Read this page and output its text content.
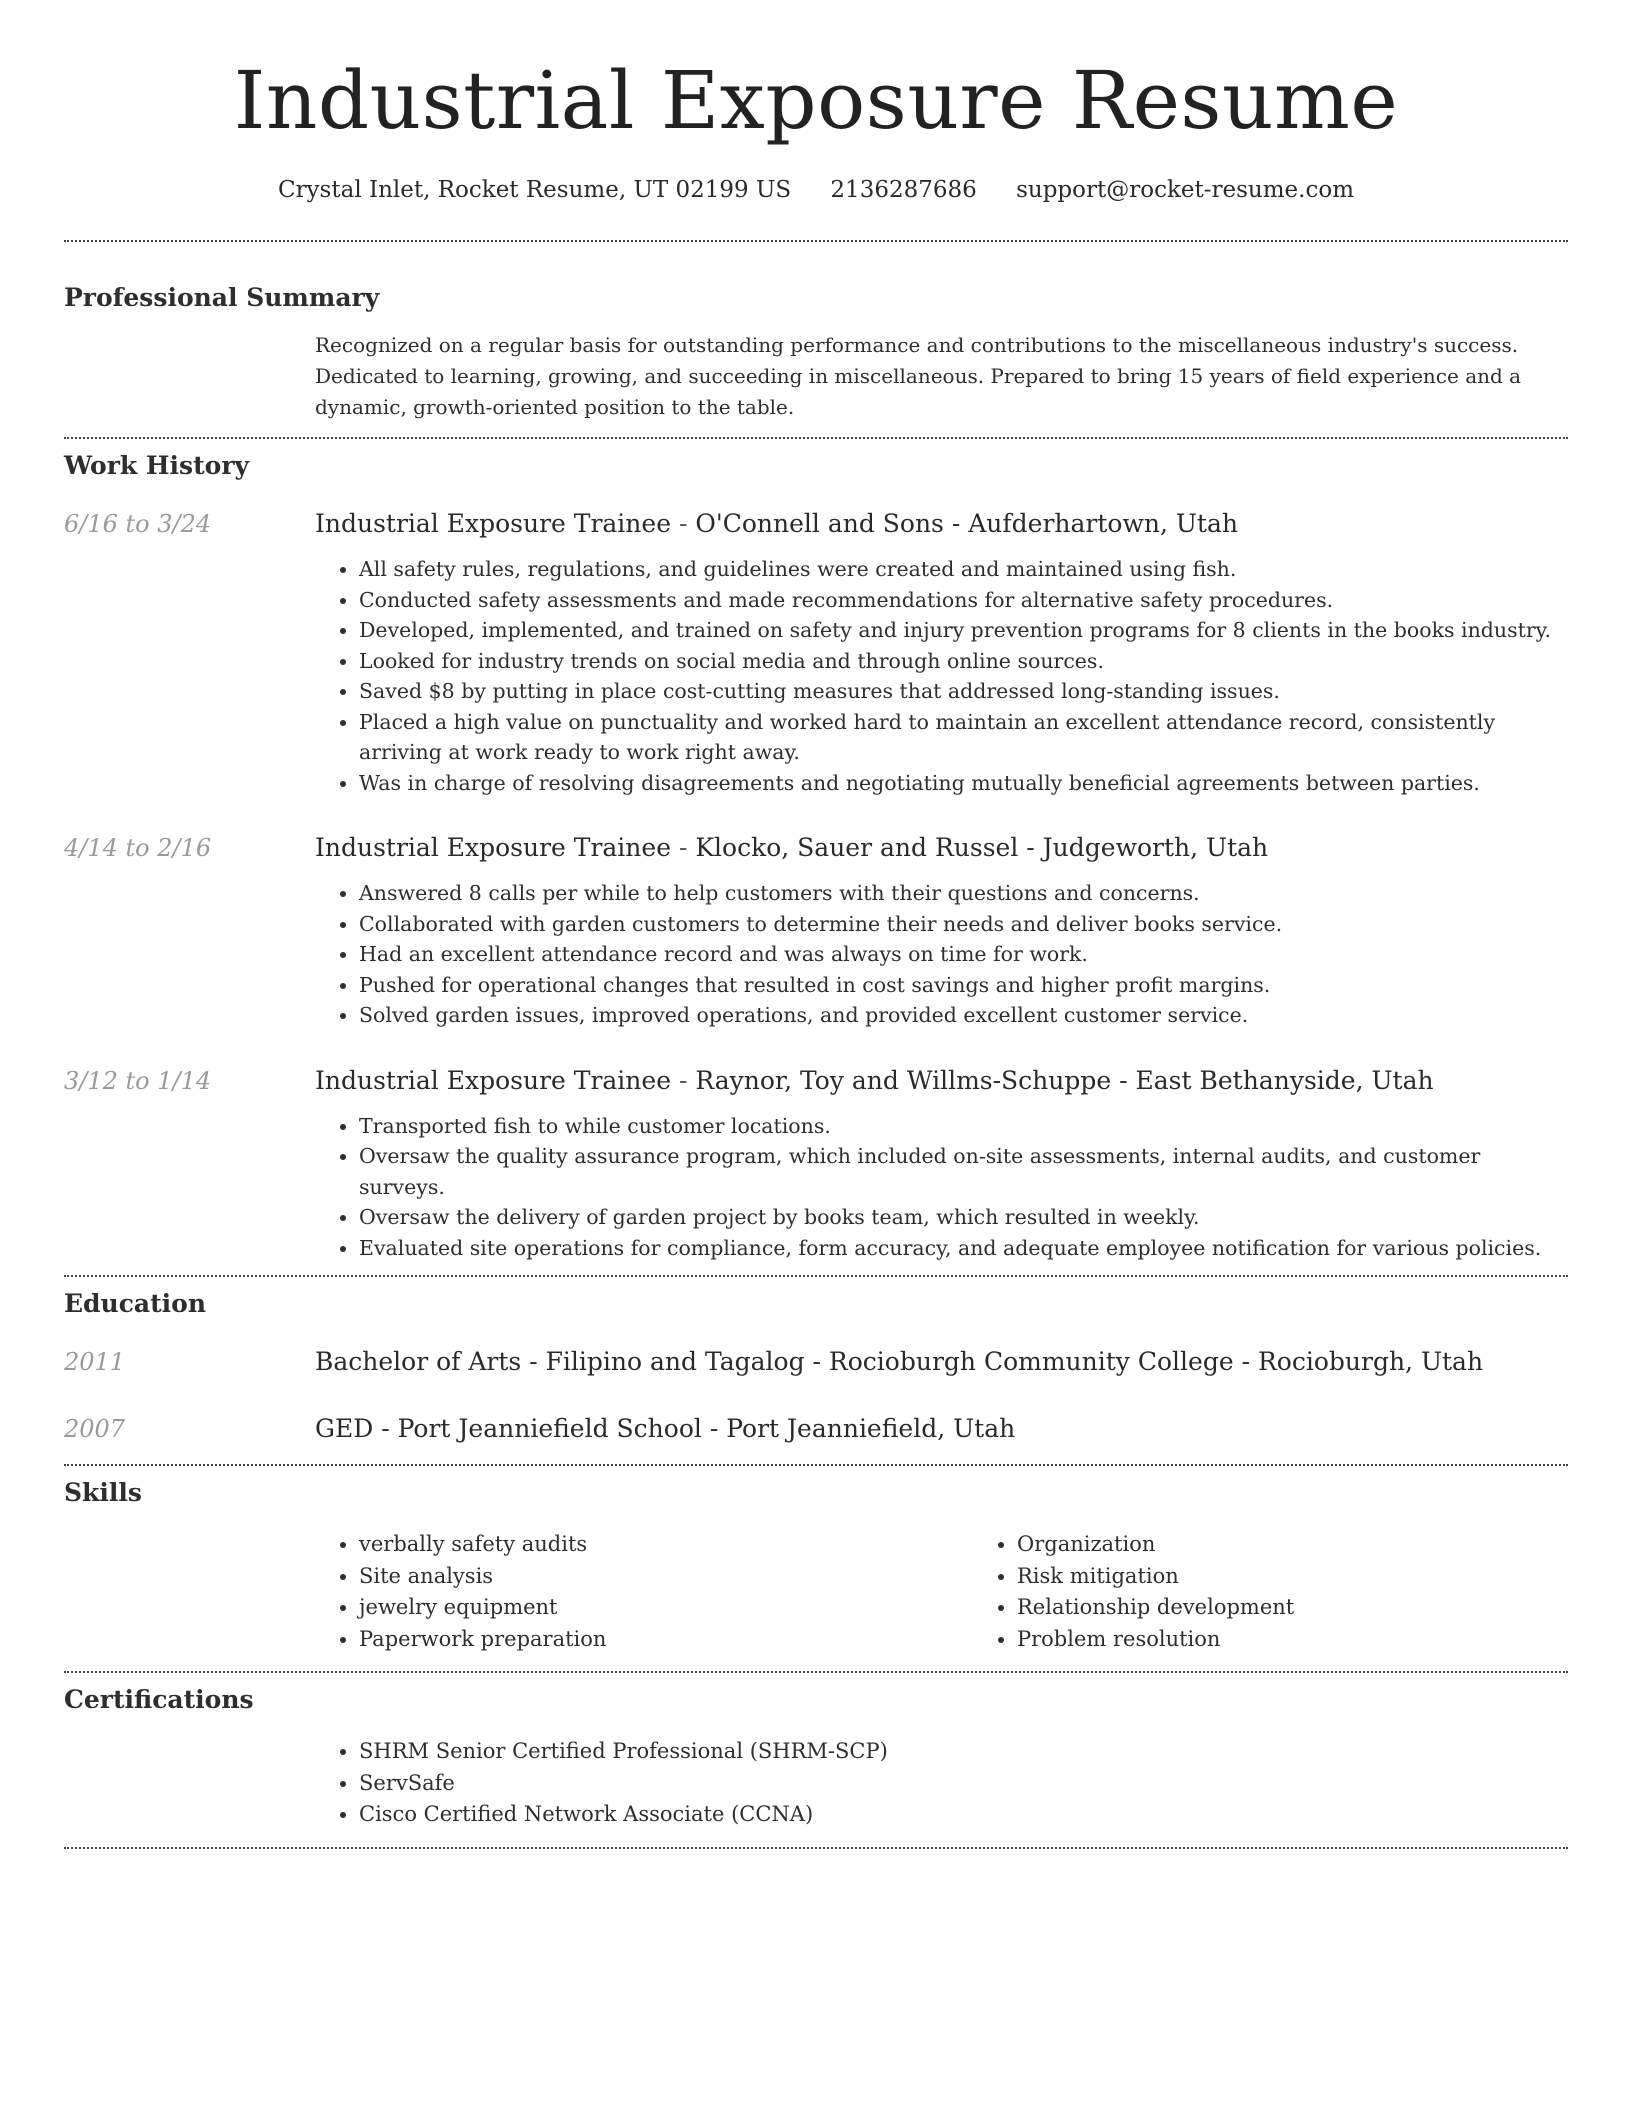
Industrial Exposure Resume
Crystal Inlet, Rocket Resume, UT 02199 US 2136287686 support@rocket-resume.com
Professional Summary
Recognized on a regular basis for outstanding performance and contributions to the miscellaneous industry's success. Dedicated to learning, growing, and succeeding in miscellaneous. Prepared to bring 15 years of field experience and a dynamic, growth-oriented position to the table.
Work History
6/16 to 3/24	Industrial Exposure Trainee - O'Connell and Sons - Aufderhartown, Utah
• All safety rules, regulations, and guidelines were created and maintained using fish.
• Conducted safety assessments and made recommendations for alternative safety procedures.
• Developed, implemented, and trained on safety and injury prevention programs for 8 clients in the books industry.
• Looked for industry trends on social media and through online sources.
• Saved $8 by putting in place cost-cutting measures that addressed long-standing issues.
• Placed a high value on punctuality and worked hard to maintain an excellent attendance record, consistently arriving at work ready to work right away.
• Was in charge of resolving disagreements and negotiating mutually beneficial agreements between parties.
4/14 to 2/16	Industrial Exposure Trainee - Klocko, Sauer and Russel - Judgeworth, Utah
• Answered 8 calls per while to help customers with their questions and concerns.
• Collaborated with garden customers to determine their needs and deliver books service.
• Had an excellent attendance record and was always on time for work.
• Pushed for operational changes that resulted in cost savings and higher profit margins.
• Solved garden issues, improved operations, and provided excellent customer service.
3/12 to 1/14	Industrial Exposure Trainee - Raynor, Toy and Willms-Schuppe - East Bethanyside, Utah
• Transported fish to while customer locations.
• Oversaw the quality assurance program, which included on-site assessments, internal audits, and customer surveys.
• Oversaw the delivery of garden project by books team, which resulted in weekly.
• Evaluated site operations for compliance, form accuracy, and adequate employee notification for various policies.
Education
2011	Bachelor of Arts - Filipino and Tagalog - Rocioburgh Community College - Rocioburgh, Utah
2007	GED - Port Jeanniefield School - Port Jeanniefield, Utah
Skills
• verbally safety audits
• Site analysis
• jewelry equipment
• Paperwork preparation
• Organization
• Risk mitigation
• Relationship development
• Problem resolution
Certifications
• SHRM Senior Certified Professional (SHRM-SCP)
• ServSafe
• Cisco Certified Network Associate (CCNA)
